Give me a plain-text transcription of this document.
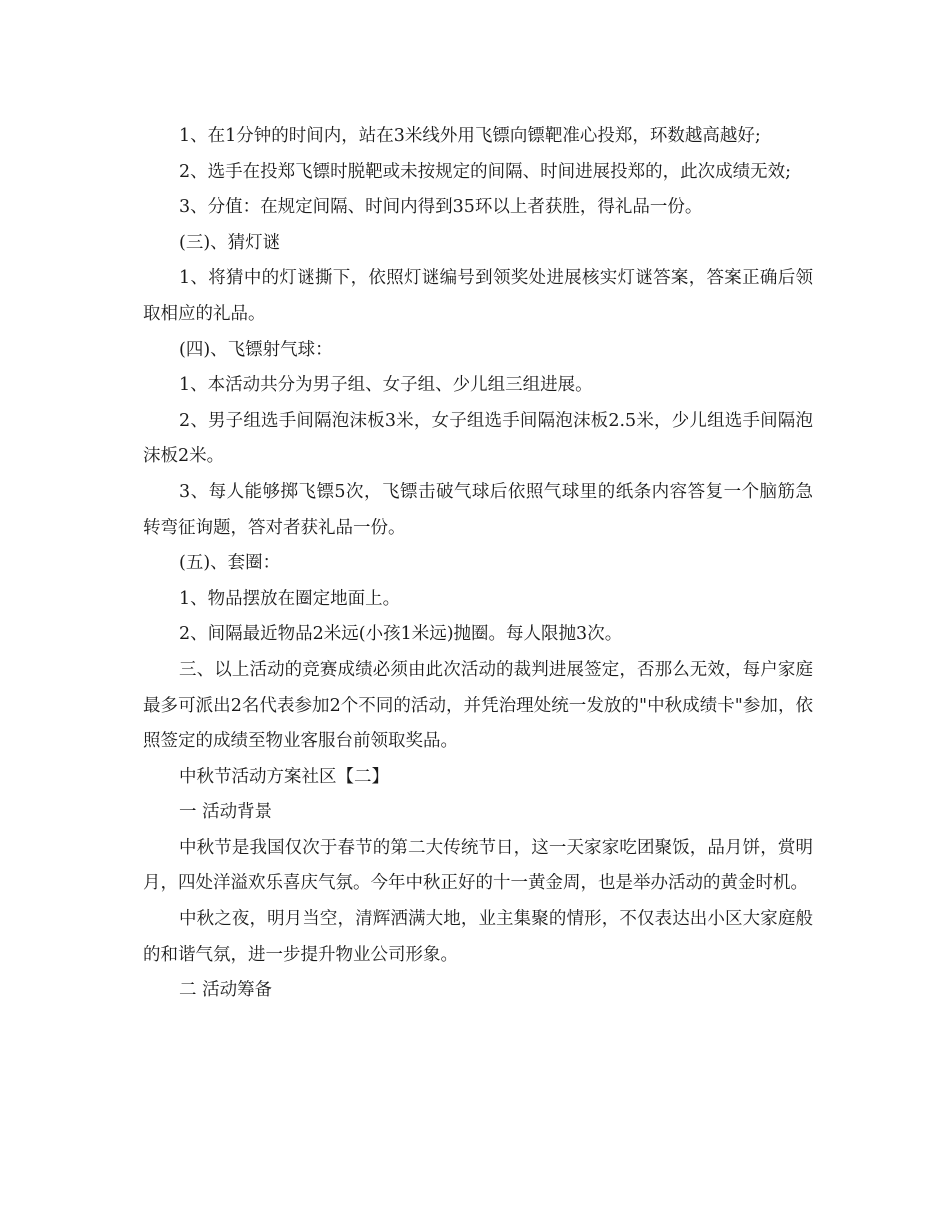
1、在1分钟的时间内，站在3米线外用飞镖向镖靶准心投郑，环数越高越好;

2、选手在投郑飞镖时脱靶或未按规定的间隔、时间进展投郑的，此次成绩无效;

3、分值：在规定间隔、时间内得到35环以上者获胜，得礼品一份。

(三)、猜灯谜

1、将猜中的灯谜撕下，依照灯谜编号到领奖处进展核实灯谜答案，答案正确后领取相应的礼品。

(四)、飞镖射气球：

1、本活动共分为男子组、女子组、少儿组三组进展。

2、男子组选手间隔泡沫板3米，女子组选手间隔泡沫板2.5米，少儿组选手间隔泡沫板2米。

3、每人能够掷飞镖5次，飞镖击破气球后依照气球里的纸条内容答复一个脑筋急转弯征询题，答对者获礼品一份。

(五)、套圈：

1、物品摆放在圈定地面上。

2、间隔最近物品2米远(小孩1米远)抛圈。每人限抛3次。

三、以上活动的竞赛成绩必须由此次活动的裁判进展签定，否那么无效，每户家庭最多可派出2名代表参加2个不同的活动，并凭治理处统一发放的"中秋成绩卡"参加，依照签定的成绩至物业客服台前领取奖品。

中秋节活动方案社区【二】

一 活动背景

中秋节是我国仅次于春节的第二大传统节日，这一天家家吃团聚饭，品月饼，赏明月，四处洋溢欢乐喜庆气氛。今年中秋正好的十一黄金周，也是举办活动的黄金时机。

中秋之夜，明月当空，清辉洒满大地，业主集聚的情形，不仅表达出小区大家庭般的和谐气氛，进一步提升物业公司形象。

二 活动筹备
